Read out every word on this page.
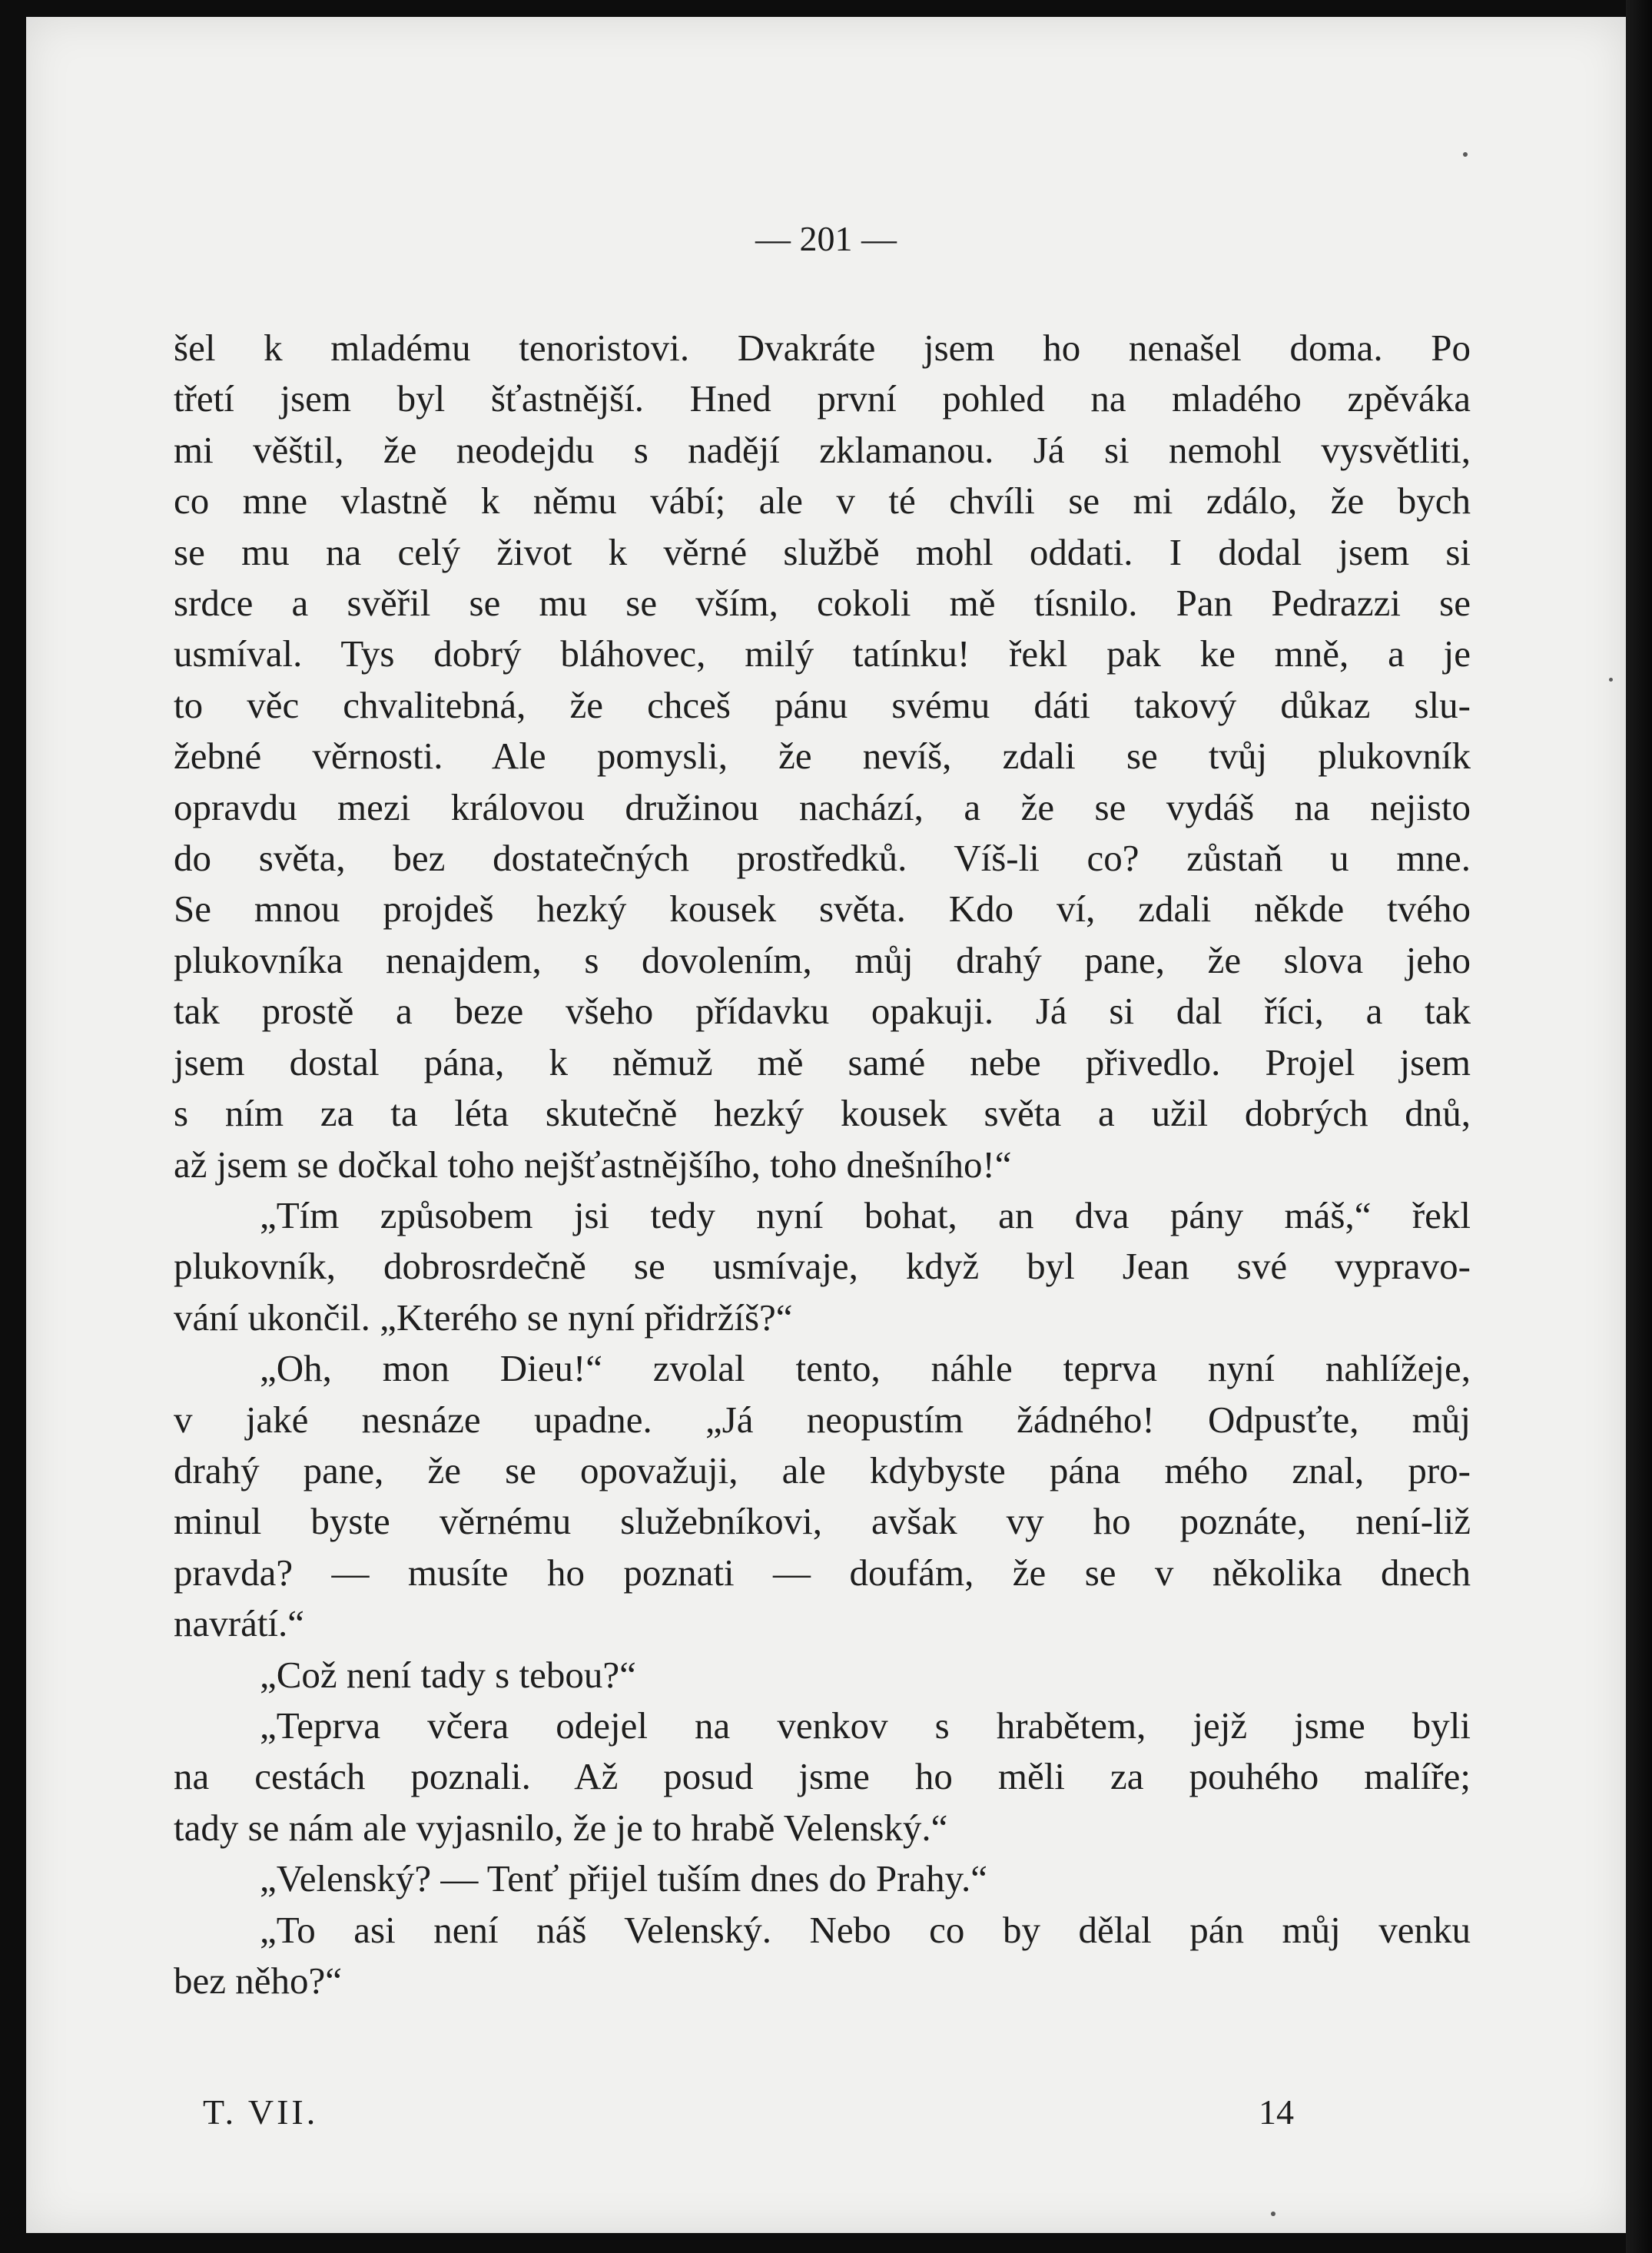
— 201 —
šel k mladému tenoristovi. Dvakráte jsem ho nenašel doma. Po
třetí jsem byl šťastnější. Hned první pohled na mladého zpěváka
mi věštil, že neodejdu s nadějí zklamanou. Já si nemohl vysvětliti,
co mne vlastně k němu vábí; ale v té chvíli se mi zdálo, že bych
se mu na celý život k věrné službě mohl oddati. I dodal jsem si
srdce a svěřil se mu se vším, cokoli mě tísnilo. Pan Pedrazzi se
usmíval. Tys dobrý bláhovec, milý tatínku! řekl pak ke mně, a je
to věc chvalitebná, že chceš pánu svému dáti takový důkaz slu-
žebné věrnosti. Ale pomysli, že nevíš, zdali se tvůj plukovník
opravdu mezi královou družinou nachází, a že se vydáš na nejisto
do světa, bez dostatečných prostředků. Víš-li co? zůstaň u mne.
Se mnou projdeš hezký kousek světa. Kdo ví, zdali někde tvého
plukovníka nenajdem, s dovolením, můj drahý pane, že slova jeho
tak prostě a beze všeho přídavku opakuji. Já si dal říci, a tak
jsem dostal pána, k němuž mě samé nebe přivedlo. Projel jsem
s ním za ta léta skutečně hezký kousek světa a užil dobrých dnů,
až jsem se dočkal toho nejšťastnějšího, toho dnešního!“
„Tím způsobem jsi tedy nyní bohat, an dva pány máš,“ řekl
plukovník, dobrosrdečně se usmívaje, když byl Jean své vypravo-
vání ukončil. „Kterého se nyní přidržíš?“
„Oh, mon Dieu!“ zvolal tento, náhle teprva nyní nahlížeje,
v jaké nesnáze upadne. „Já neopustím žádného! Odpusťte, můj
drahý pane, že se opovažuji, ale kdybyste pána mého znal, pro-
minul byste věrnému služebníkovi, avšak vy ho poznáte, není-liž
pravda? — musíte ho poznati — doufám, že se v několika dnech
navrátí.“
„Což není tady s tebou?“
„Teprva včera odejel na venkov s hrabětem, jejž jsme byli
na cestách poznali. Až posud jsme ho měli za pouhého malíře;
tady se nám ale vyjasnilo, že je to hrabě Velenský.“
„Velenský? — Tenť přijel tuším dnes do Prahy.“
„To asi není náš Velenský. Nebo co by dělal pán můj venku
bez něho?“
T. VII.	14
